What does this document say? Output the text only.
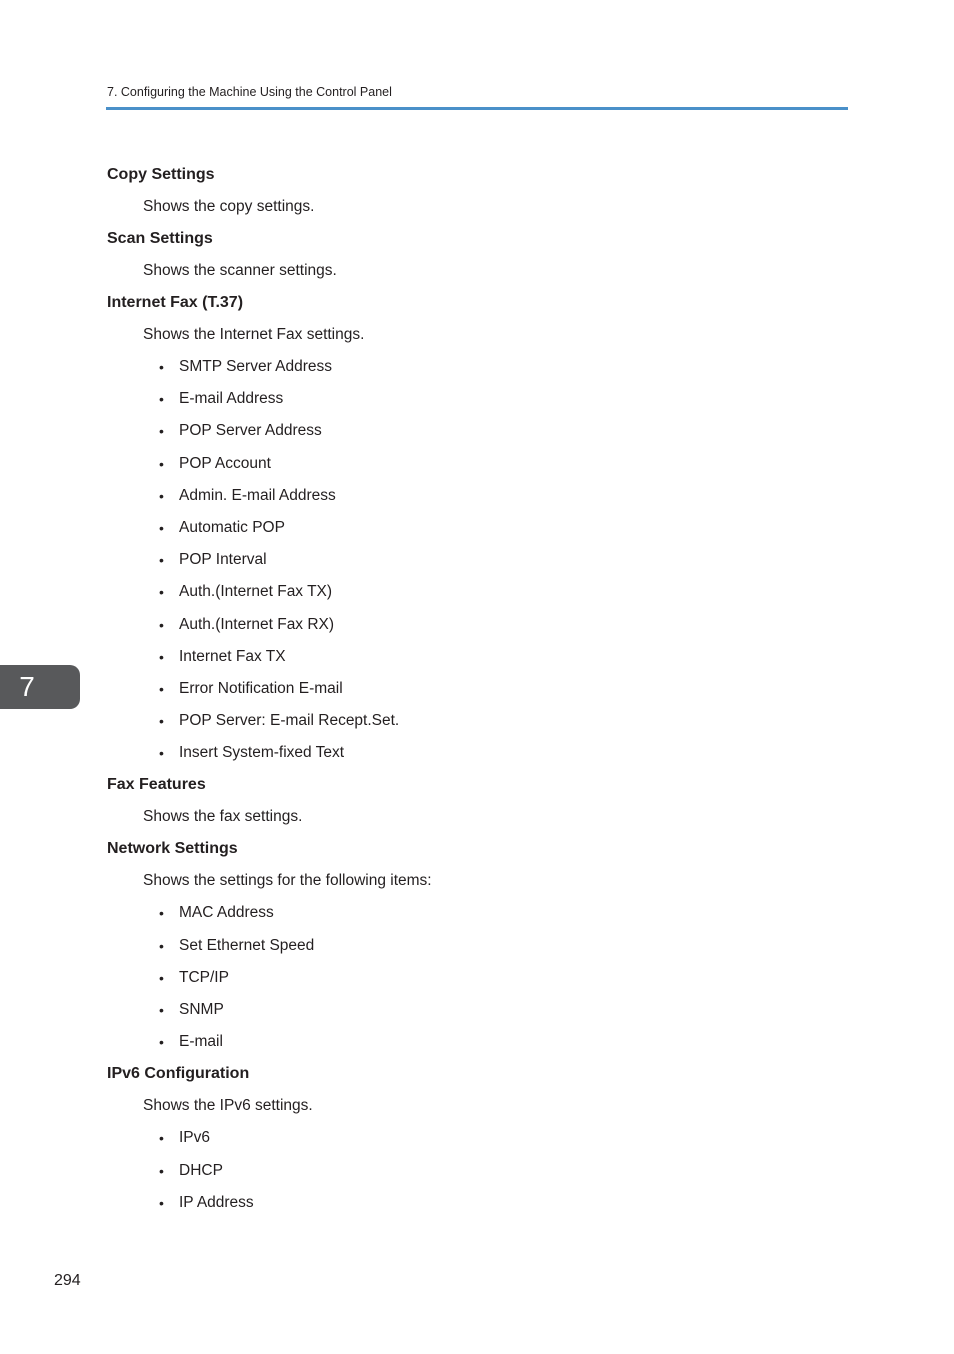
7. Configuring the Machine Using the Control Panel
Copy Settings
Shows the copy settings.
Scan Settings
Shows the scanner settings.
Internet Fax (T.37)
Shows the Internet Fax settings.
• SMTP Server Address
• E-mail Address
• POP Server Address
• POP Account
• Admin. E-mail Address
• Automatic POP
• POP Interval
• Auth.(Internet Fax TX)
• Auth.(Internet Fax RX)
• Internet Fax TX
• Error Notification E-mail
• POP Server: E-mail Recept.Set.
• Insert System-fixed Text
Fax Features
Shows the fax settings.
Network Settings
Shows the settings for the following items:
• MAC Address
• Set Ethernet Speed
• TCP/IP
• SNMP
• E-mail
IPv6 Configuration
Shows the IPv6 settings.
• IPv6
• DHCP
• IP Address
7
294
